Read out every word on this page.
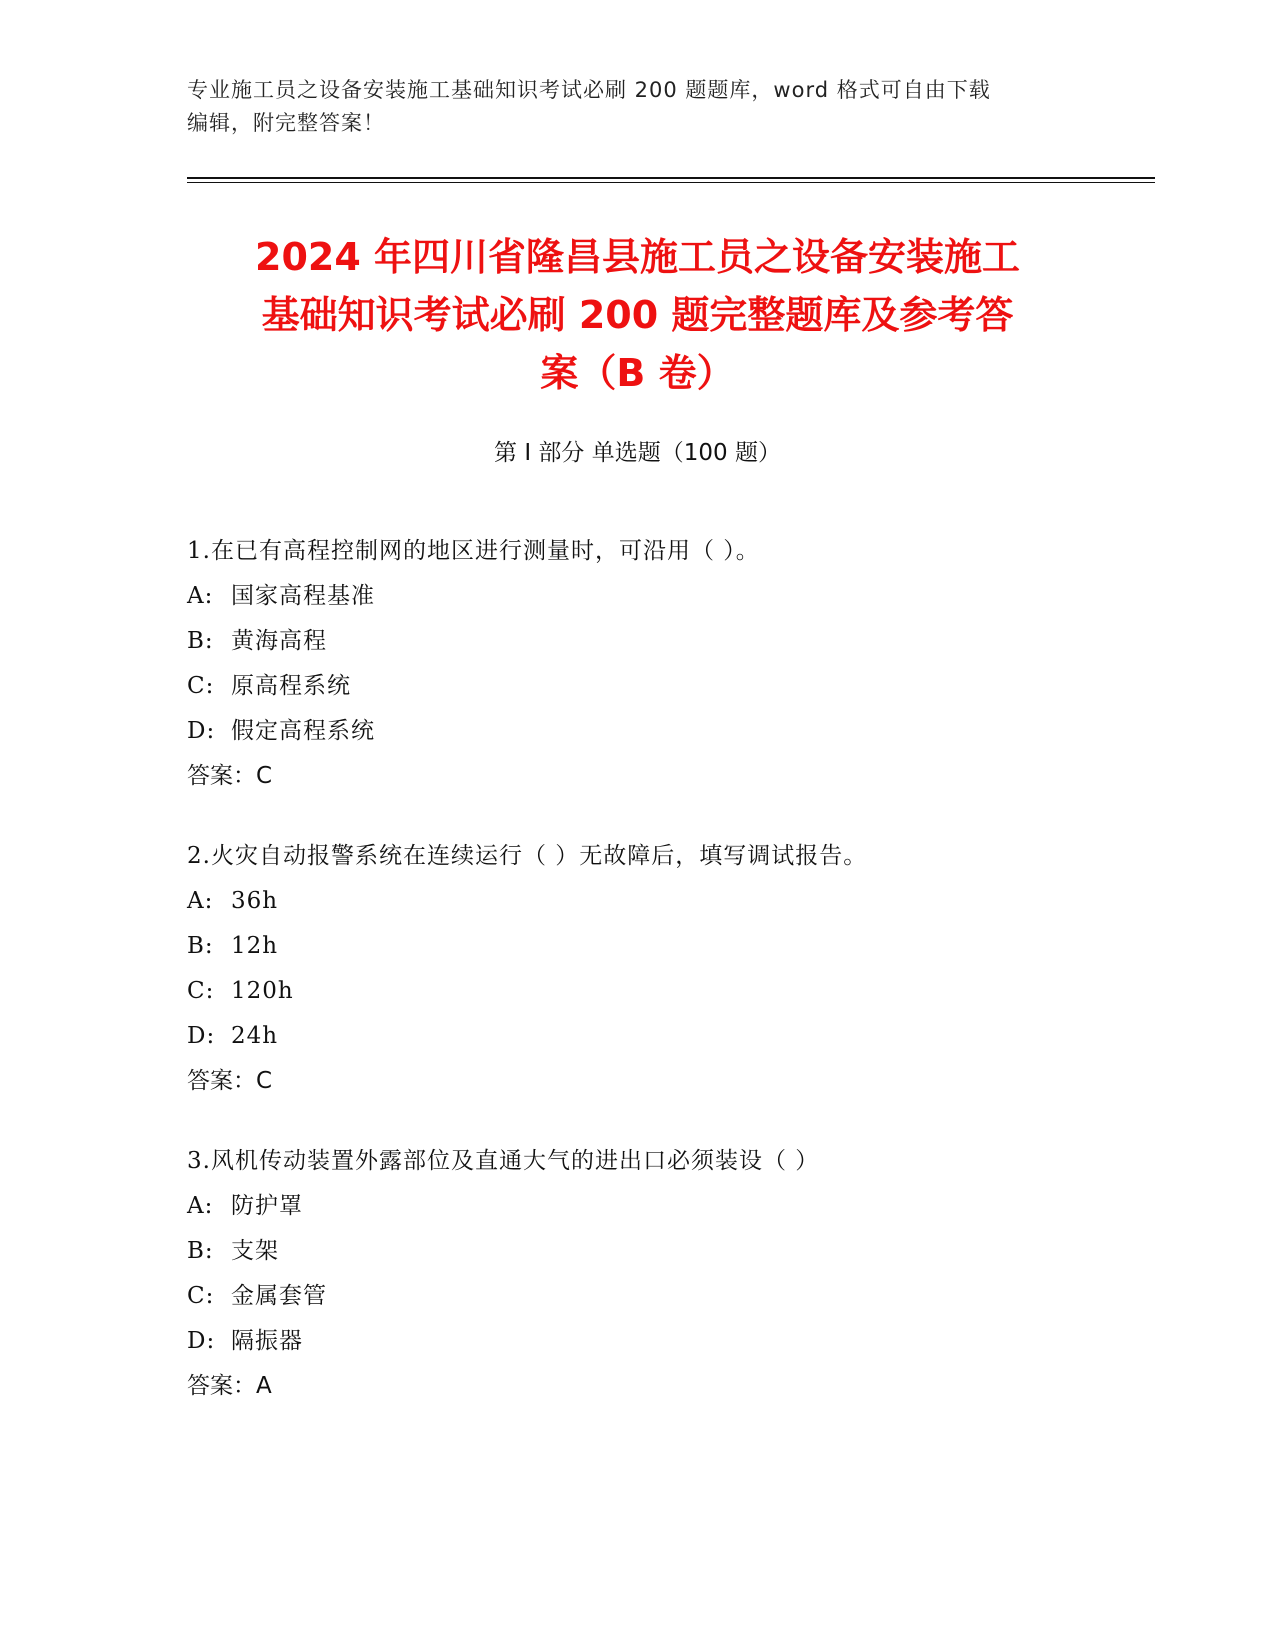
专业施工员之设备安装施工基础知识考试必刷 200 题题库，word 格式可自由下载
编辑，附完整答案！
2024 年四川省隆昌县施工员之设备安装施工
基础知识考试必刷 200 题完整题库及参考答
案（B 卷）
第 I 部分 单选题（100 题）
1.在已有高程控制网的地区进行测量时，可沿用（ ）。
A: 国家高程基准
B: 黄海高程
C: 原高程系统
D: 假定高程系统
答案：C
2.火灾自动报警系统在连续运行（ ）无故障后，填写调试报告。
A: 36h
B: 12h
C: 120h
D: 24h
答案：C
3.风机传动装置外露部位及直通大气的进出口必须装设（ ）
A: 防护罩
B: 支架
C: 金属套管
D: 隔振器
答案：A
